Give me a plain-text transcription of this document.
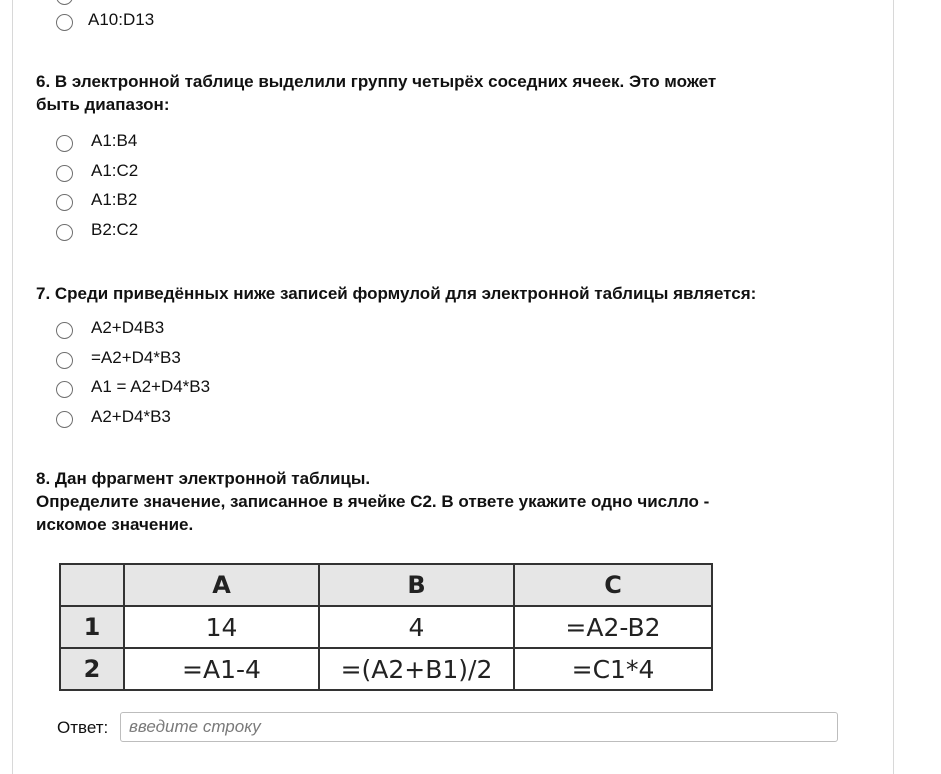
A10:D13
6. В электронной таблице выделили группу четырёх соседних ячеек. Это может
быть диапазон:
A1:B4
A1:C2
A1:B2
B2:C2
7. Среди приведённых ниже записей формулой для электронной таблицы является:
A2+D4B3
=A2+D4*B3
A1 = A2+D4*B3
A2+D4*B3
8. Дан фрагмент электронной таблицы.
Определите значение, записанное в ячейке C2. В ответе укажите одно числло -
искомое значение.
	A	B	C
1	14	4	=A2-B2
2	=A1-4	=(A2+B1)/2	=C1*4
Ответ:
введите строку
